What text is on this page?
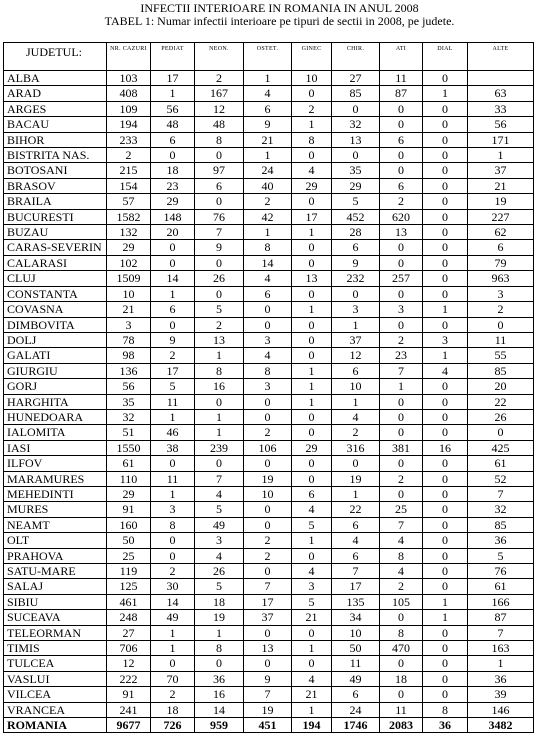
INFECTII INTERIOARE IN ROMANIA IN ANUL 2008
TABEL 1: Numar infectii interioare pe tipuri de sectii in 2008, pe judete.
JUDETUL:	NR. CAZURI	PEDIAT	NEON.	OSTET.	GINEC	CHIR.	ATI	DIAL	ALTE
ALBA	103	17	2	1	10	27	11	0	
ARAD	408	1	167	4	0	85	87	1	63
ARGES	109	56	12	6	2	0	0	0	33
BACAU	194	48	48	9	1	32	0	0	56
BIHOR	233	6	8	21	8	13	6	0	171
BISTRITA NAS.	2	0	0	1	0	0	0	0	1
BOTOSANI	215	18	97	24	4	35	0	0	37
BRASOV	154	23	6	40	29	29	6	0	21
BRAILA	57	29	0	2	0	5	2	0	19
BUCURESTI	1582	148	76	42	17	452	620	0	227
BUZAU	132	20	7	1	1	28	13	0	62
CARAS-SEVERIN	29	0	9	8	0	6	0	0	6
CALARASI	102	0	0	14	0	9	0	0	79
CLUJ	1509	14	26	4	13	232	257	0	963
CONSTANTA	10	1	0	6	0	0	0	0	3
COVASNA	21	6	5	0	1	3	3	1	2
DIMBOVITA	3	0	2	0	0	1	0	0	0
DOLJ	78	9	13	3	0	37	2	3	11
GALATI	98	2	1	4	0	12	23	1	55
GIURGIU	136	17	8	8	1	6	7	4	85
GORJ	56	5	16	3	1	10	1	0	20
HARGHITA	35	11	0	0	1	1	0	0	22
HUNEDOARA	32	1	1	0	0	4	0	0	26
IALOMITA	51	46	1	2	0	2	0	0	0
IASI	1550	38	239	106	29	316	381	16	425
ILFOV	61	0	0	0	0	0	0	0	61
MARAMURES	110	11	7	19	0	19	2	0	52
MEHEDINTI	29	1	4	10	6	1	0	0	7
MURES	91	3	5	0	4	22	25	0	32
NEAMT	160	8	49	0	5	6	7	0	85
OLT	50	0	3	2	1	4	4	0	36
PRAHOVA	25	0	4	2	0	6	8	0	5
SATU-MARE	119	2	26	0	4	7	4	0	76
SALAJ	125	30	5	7	3	17	2	0	61
SIBIU	461	14	18	17	5	135	105	1	166
SUCEAVA	248	49	19	37	21	34	0	1	87
TELEORMAN	27	1	1	0	0	10	8	0	7
TIMIS	706	1	8	13	1	50	470	0	163
TULCEA	12	0	0	0	0	11	0	0	1
VASLUI	222	70	36	9	4	49	18	0	36
VILCEA	91	2	16	7	21	6	0	0	39
VRANCEA	241	18	14	19	1	24	11	8	146
ROMANIA	9677	726	959	451	194	1746	2083	36	3482
